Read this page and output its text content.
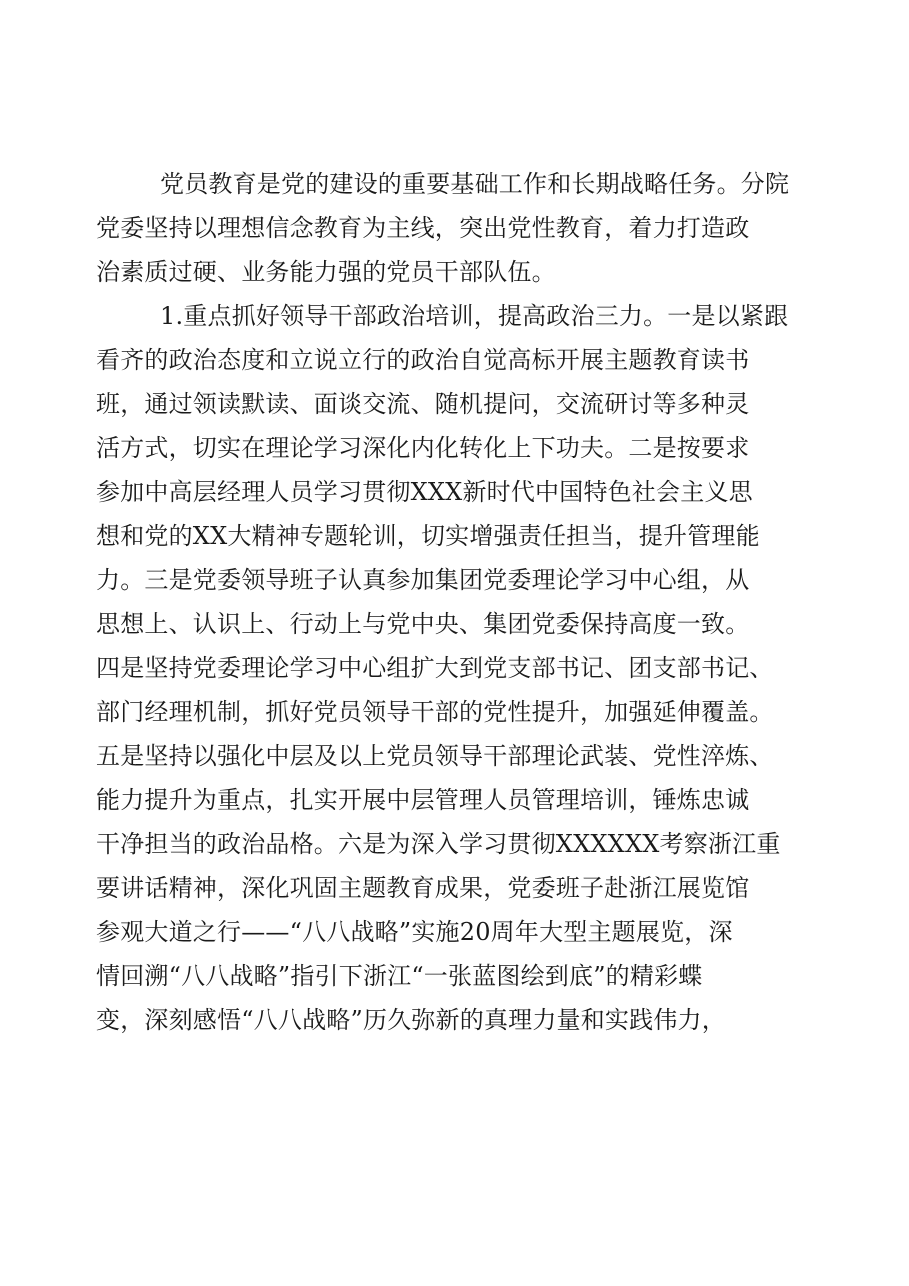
党员教育是党的建设的重要基础工作和长期战略任务。分院
党委坚持以理想信念教育为主线，突出党性教育，着力打造政
治素质过硬、业务能力强的党员干部队伍。
1.重点抓好领导干部政治培训，提高政治三力。一是以紧跟
看齐的政治态度和立说立行的政治自觉高标开展主题教育读书
班，通过领读默读、面谈交流、随机提问，交流研讨等多种灵
活方式，切实在理论学习深化内化转化上下功夫。二是按要求
参加中高层经理人员学习贯彻XXX新时代中国特色社会主义思
想和党的XX大精神专题轮训，切实增强责任担当，提升管理能
力。三是党委领导班子认真参加集团党委理论学习中心组，从
思想上、认识上、行动上与党中央、集团党委保持高度一致。
四是坚持党委理论学习中心组扩大到党支部书记、团支部书记、
部门经理机制，抓好党员领导干部的党性提升，加强延伸覆盖。
五是坚持以强化中层及以上党员领导干部理论武装、党性淬炼、
能力提升为重点，扎实开展中层管理人员管理培训，锤炼忠诚
干净担当的政治品格。六是为深入学习贯彻XXXXXX考察浙江重
要讲话精神，深化巩固主题教育成果，党委班子赴浙江展览馆
参观大道之行——“八八战略”实施20周年大型主题展览，深
情回溯“八八战略”指引下浙江“一张蓝图绘到底”的精彩蝶
变，深刻感悟“八八战略”历久弥新的真理力量和实践伟力，
